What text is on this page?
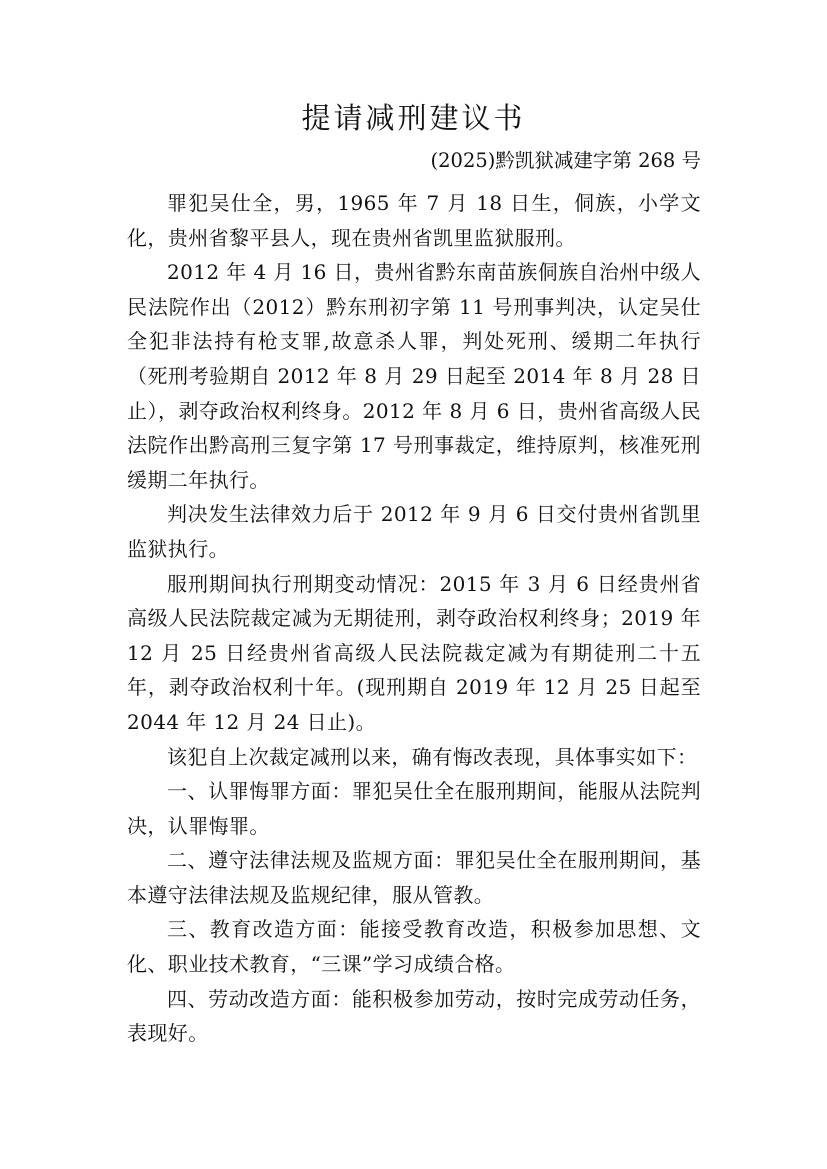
提请减刑建议书
(2025)黔凯狱减建字第 268 号

罪犯吴仕全，男，1965 年 7 月 18 日生，侗族，小学文化，贵州省黎平县人，现在贵州省凯里监狱服刑。

2012 年 4 月 16 日，贵州省黔东南苗族侗族自治州中级人民法院作出（2012）黔东刑初字第 11 号刑事判决，认定吴仕全犯非法持有枪支罪,故意杀人罪，判处死刑、缓期二年执行（死刑考验期自 2012 年 8 月 29 日起至 2014 年 8 月 28 日止），剥夺政治权利终身。2012 年 8 月 6 日，贵州省高级人民法院作出黔高刑三复字第 17 号刑事裁定，维持原判，核准死刑缓期二年执行。

判决发生法律效力后于 2012 年 9 月 6 日交付贵州省凯里监狱执行。

服刑期间执行刑期变动情况：2015 年 3 月 6 日经贵州省高级人民法院裁定减为无期徒刑，剥夺政治权利终身；2019 年 12 月 25 日经贵州省高级人民法院裁定减为有期徒刑二十五年，剥夺政治权利十年。(现刑期自 2019 年 12 月 25 日起至 2044 年 12 月 24 日止)。

该犯自上次裁定减刑以来，确有悔改表现，具体事实如下：

一、认罪悔罪方面：罪犯吴仕全在服刑期间，能服从法院判决，认罪悔罪。

二、遵守法律法规及监规方面：罪犯吴仕全在服刑期间，基本遵守法律法规及监规纪律，服从管教。

三、教育改造方面：能接受教育改造，积极参加思想、文化、职业技术教育，“三课”学习成绩合格。

四、劳动改造方面：能积极参加劳动，按时完成劳动任务，表现好。
